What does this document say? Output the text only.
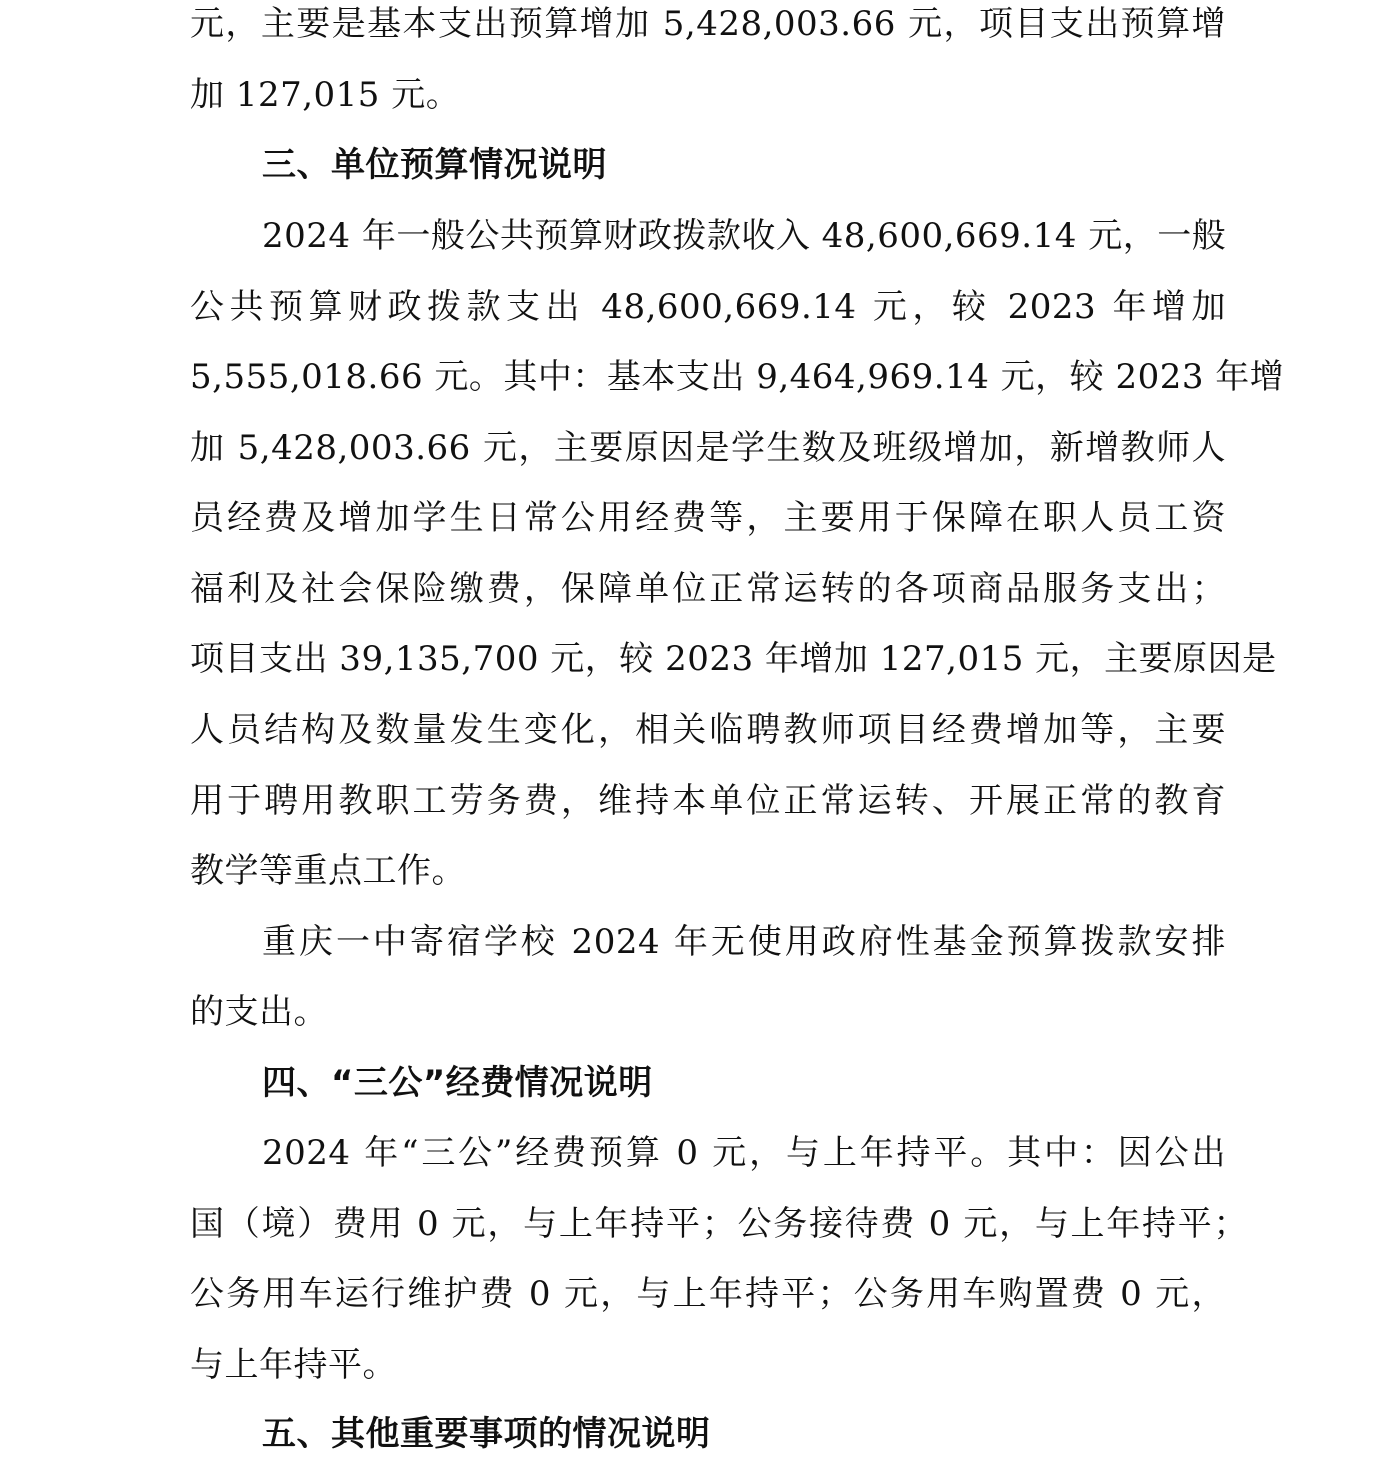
元，主要是基本支出预算增加 5,428,003.66 元，项目支出预算增
加 127,015 元。
三、单位预算情况说明
2024 年一般公共预算财政拨款收入 48,600,669.14 元，一般
公共预算财政拨款支出 48,600,669.14 元，较 2023 年增加
5,555,018.66 元。其中：基本支出 9,464,969.14 元，较 2023 年增
加 5,428,003.66 元，主要原因是学生数及班级增加，新增教师人
员经费及增加学生日常公用经费等，主要用于保障在职人员工资
福利及社会保险缴费，保障单位正常运转的各项商品服务支出；
项目支出 39,135,700 元，较 2023 年增加 127,015 元，主要原因是
人员结构及数量发生变化，相关临聘教师项目经费增加等，主要
用于聘用教职工劳务费，维持本单位正常运转、开展正常的教育
教学等重点工作。
重庆一中寄宿学校 2024 年无使用政府性基金预算拨款安排
的支出。
四、“三公”经费情况说明
2024 年“三公”经费预算 0 元，与上年持平。其中：因公出
国（境）费用 0 元，与上年持平；公务接待费 0 元，与上年持平；
公务用车运行维护费 0 元，与上年持平；公务用车购置费 0 元，
与上年持平。
五、其他重要事项的情况说明
